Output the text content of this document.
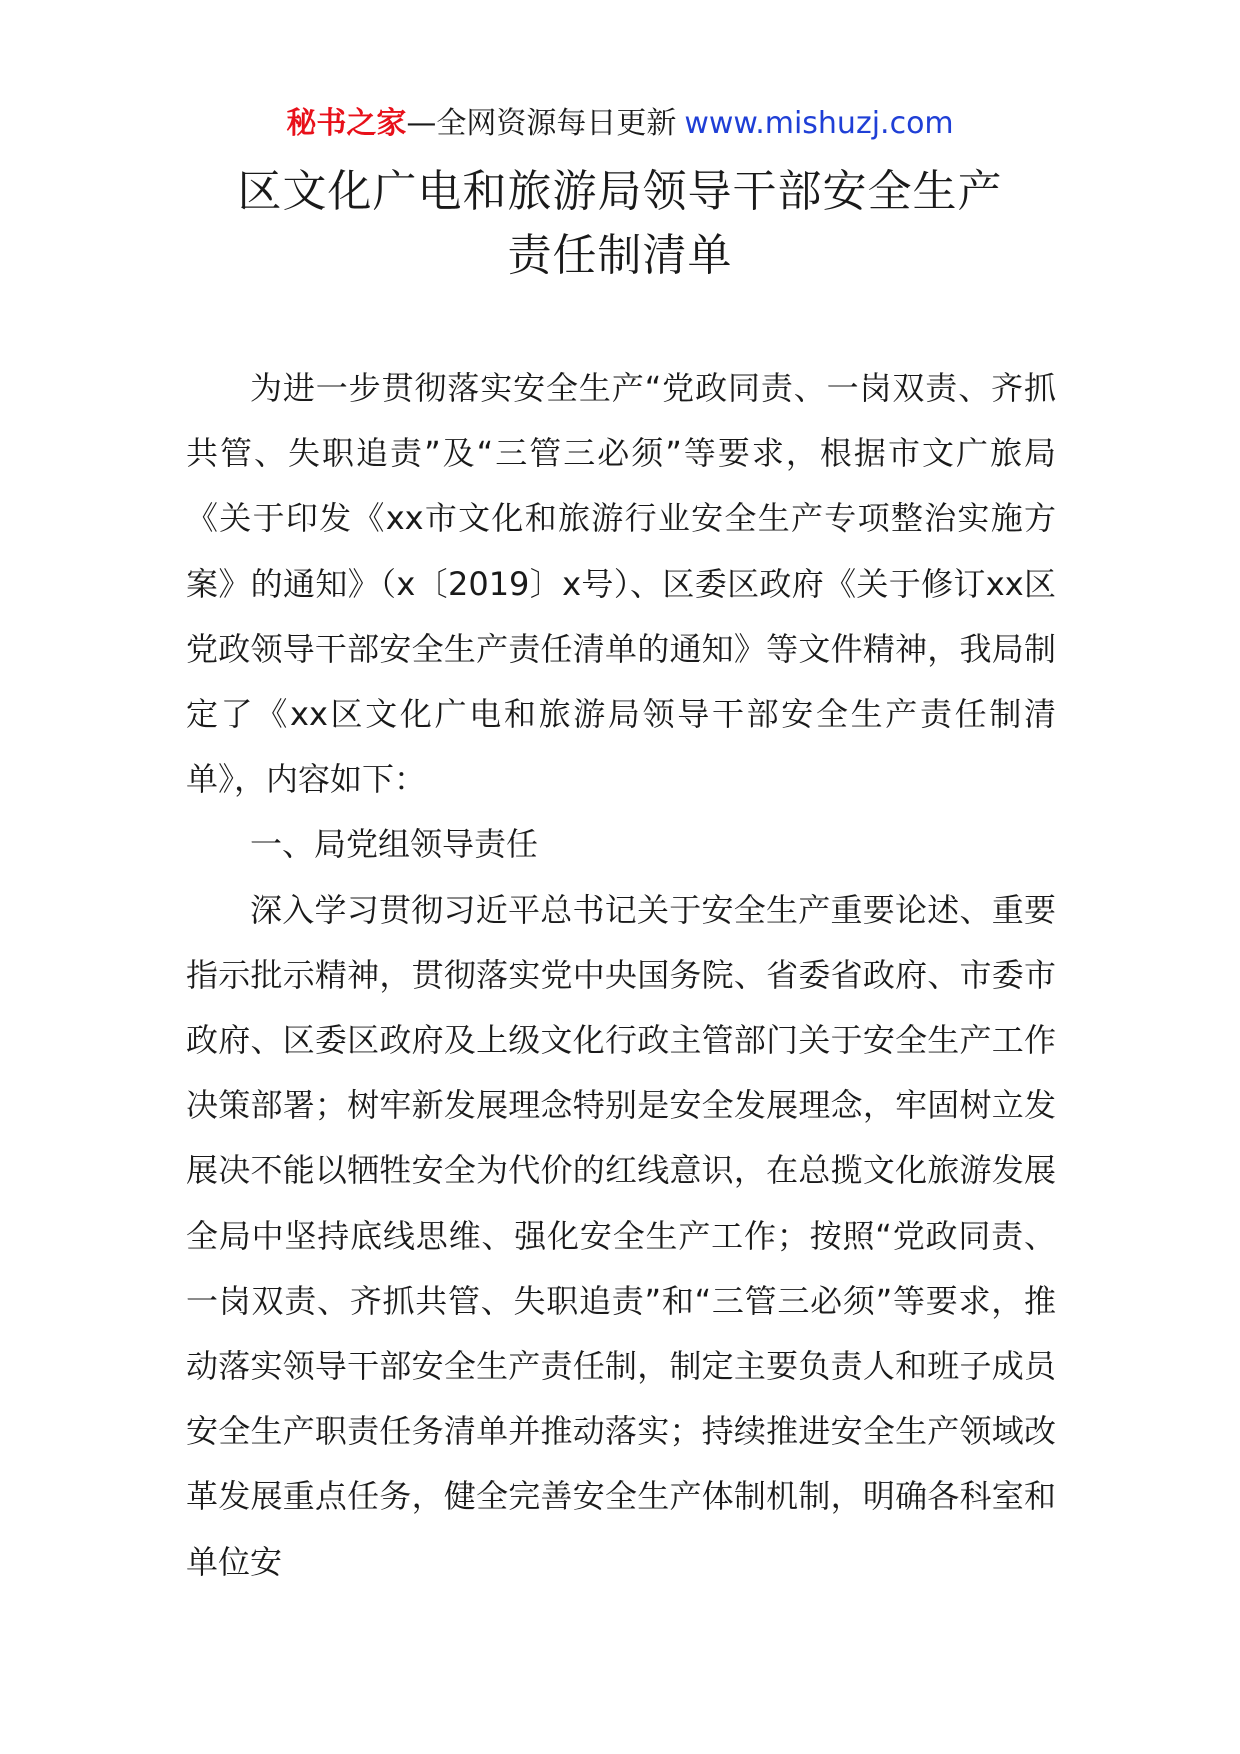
秘书之家—全网资源每日更新 www.mishuzj.com
区文化广电和旅游局领导干部安全生产
责任制清单

为进一步贯彻落实安全生产“党政同责、一岗双责、齐抓共管、失职追责”及“三管三必须”等要求，根据市文广旅局《关于印发《xx市文化和旅游行业安全生产专项整治实施方案》的通知》（x〔2019〕x号）、区委区政府《关于修订xx区党政领导干部安全生产责任清单的通知》等文件精神，我局制定了《xx区文化广电和旅游局领导干部安全生产责任制清单》，内容如下：

一、局党组领导责任

深入学习贯彻习近平总书记关于安全生产重要论述、重要指示批示精神，贯彻落实党中央国务院、省委省政府、市委市政府、区委区政府及上级文化行政主管部门关于安全生产工作决策部署；树牢新发展理念特别是安全发展理念，牢固树立发展决不能以牺牲安全为代价的红线意识，在总揽文化旅游发展全局中坚持底线思维、强化安全生产工作；按照“党政同责、一岗双责、齐抓共管、失职追责”和“三管三必须”等要求，推动落实领导干部安全生产责任制，制定主要负责人和班子成员安全生产职责任务清单并推动落实；持续推进安全生产领域改革发展重点任务，健全完善安全生产体制机制，明确各科室和单位安
